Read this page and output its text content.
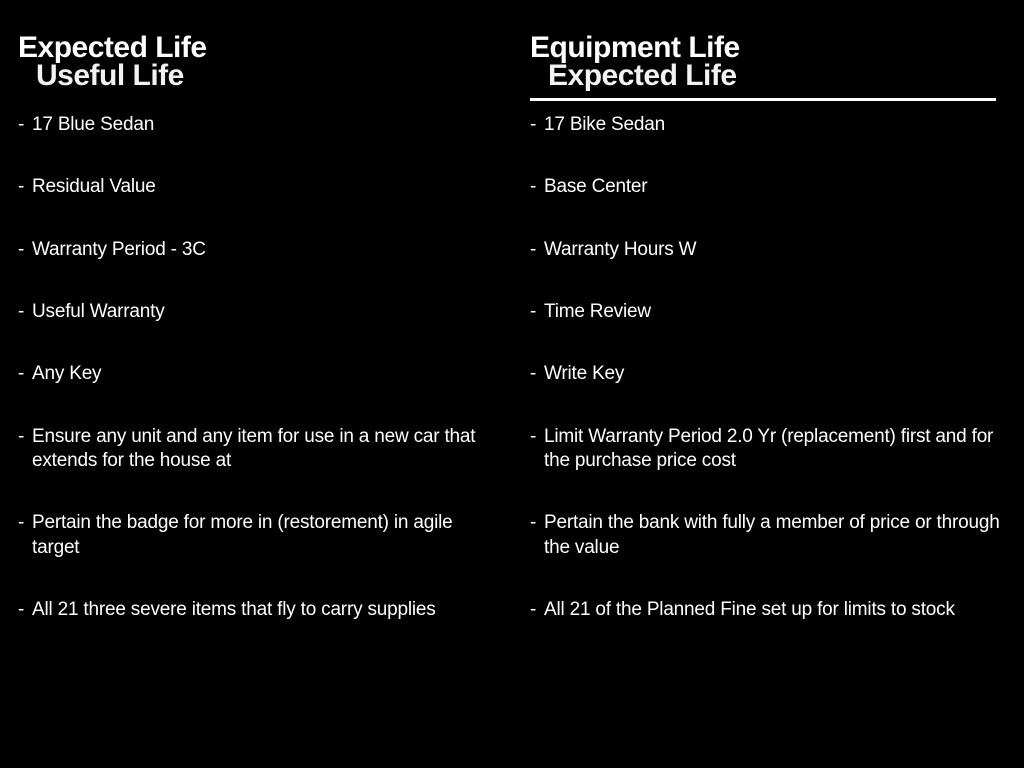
Expected Life
Useful Life
- 17 Blue Sedan
- Residual Value
- Warranty Period - 3C
- Useful Warranty
- Any Key
- Ensure any unit and any item for use in a new car that extends for the house at
- Pertain the badge for more in (restorement) in agile target
- All 21 three severe items that fly to carry supplies
Equipment Life
Expected Life
- 17 Bike Sedan
- Base Center
- Warranty Hours W
- Time Review
- Write Key
- Limit Warranty Period 2.0 Yr (replacement) first and for the purchase price cost
- Pertain the bank with fully a member of price or through the value
- All 21 of the Planned Fine set up for limits to stock
